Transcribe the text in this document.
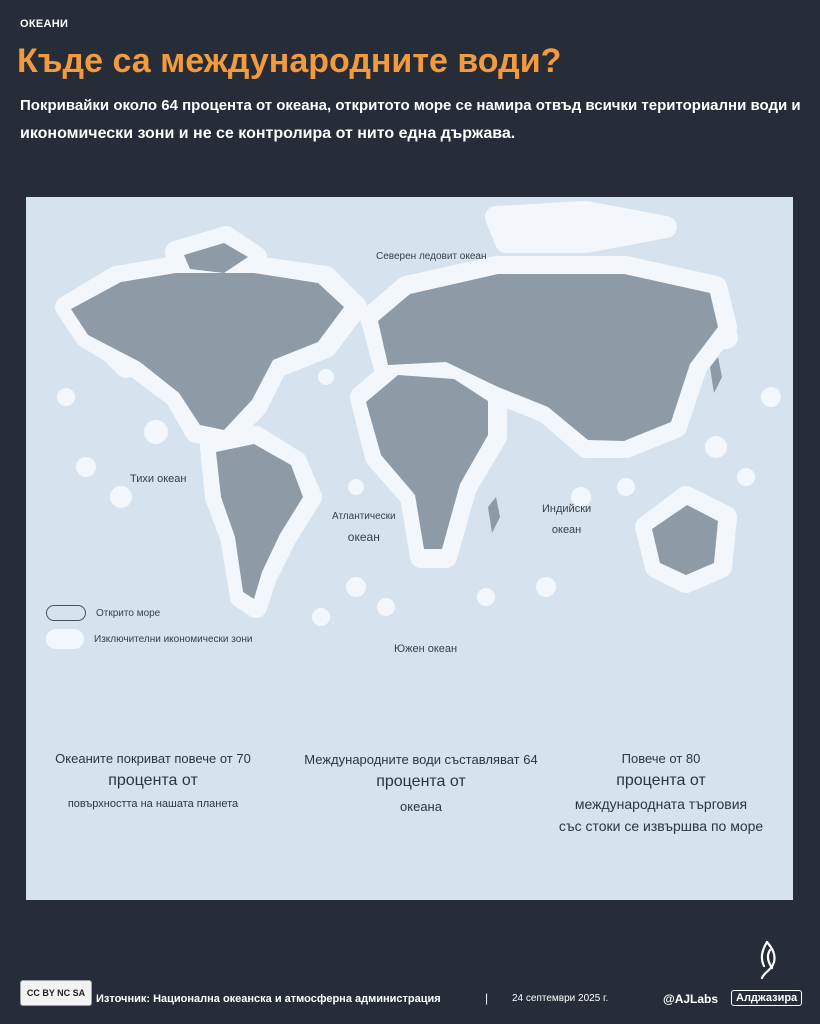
ОКЕАНИ
Къде са международните води?
Покривайки около 64 процента от океана, откритото море се намира отвъд всички териториални води и
икономически зони и не се контролира от нито една държава.
Северен ледовит океан
Тихи океан
Атлантически
океан
Индийски
океан
Южен океан
Открито море
Изключителни икономически зони
Океаните покриват повече от 70
процента от
повърхността на нашата планета
Международните води съставляват 64
процента от
океана
Повече от 80
процента от
международната търговия
със стоки се извършва по море
CC BY NC SA Източник: Национална океанска и атмосферна администрация	| 24 септември 2025 г.	@AJLabs	Алджазира
